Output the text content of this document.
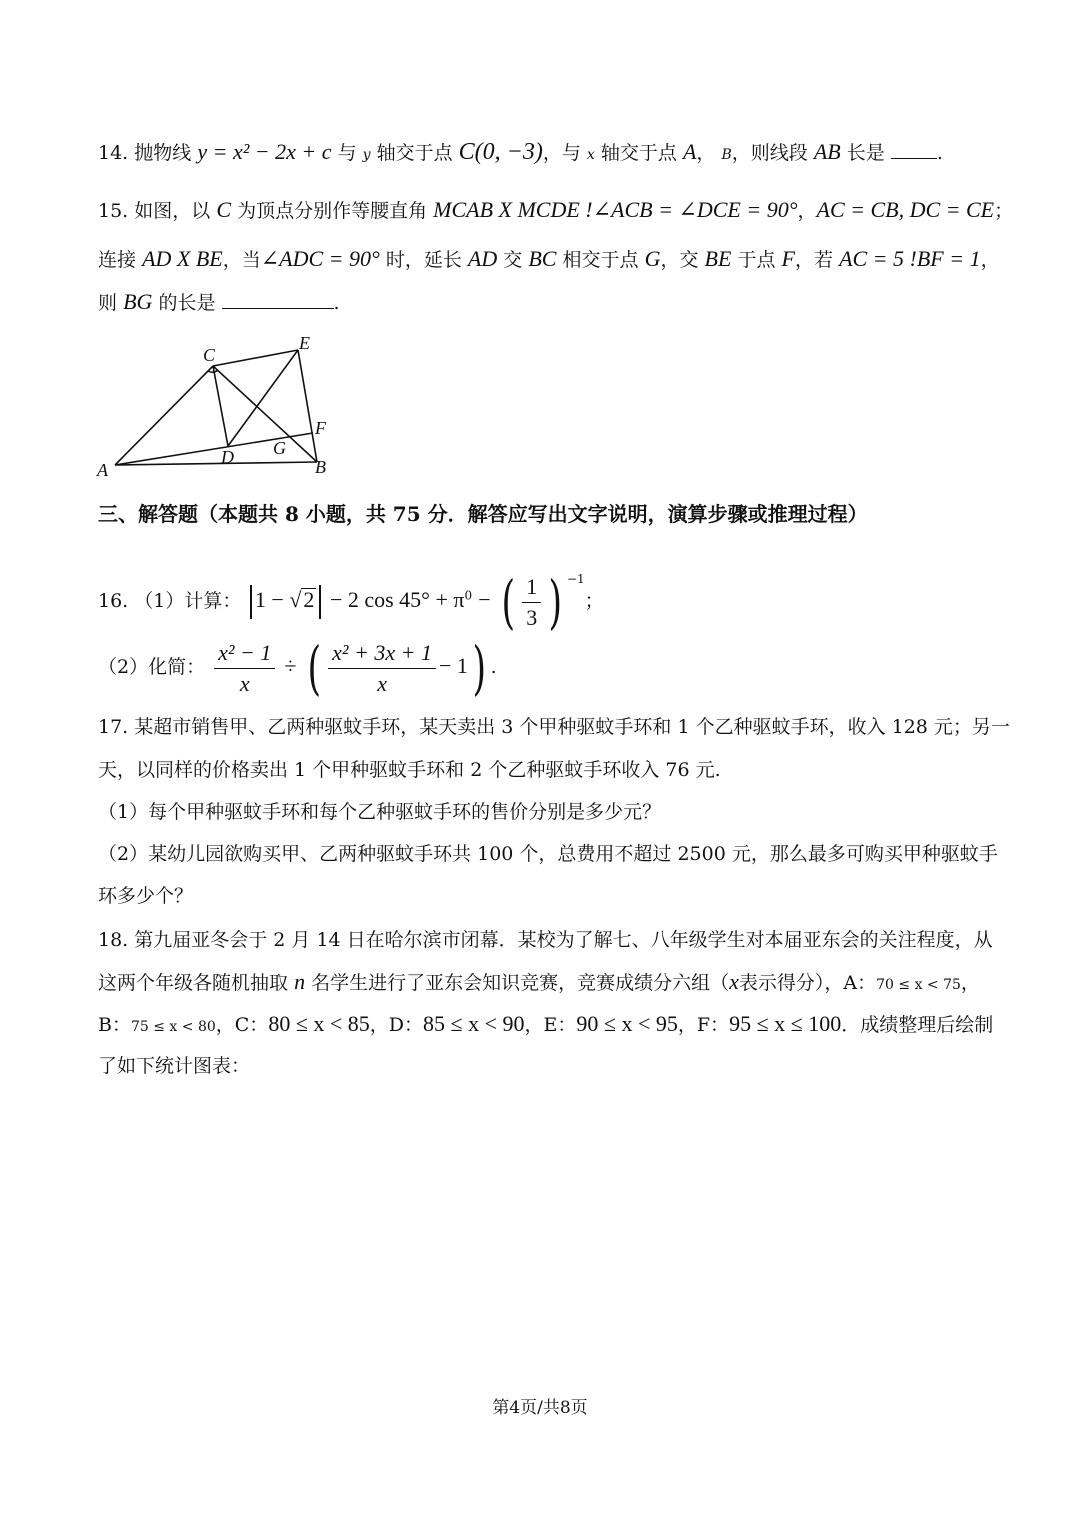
14. 抛物线 y = x² − 2x + c 与 y 轴交于点 C(0, −3)，与 x 轴交于点 A， B，则线段 AB 长是	.
15. 如图，以 C 为顶点分别作等腰直角 MCAB X MCDE !∠ACB = ∠DCE = 90°，AC = CB, DC = CE；
连接 AD X BE，当∠ADC = 90° 时，延长 AD 交 BC 相交于点 G，交 BE 于点 F，若 AC = 5 !BF = 1，
则 BG 的长是	.
C
E
F
G
D
A	B
三、解答题（本题共 8 小题，共 75 分．解答应写出文字说明，演算步骤或推理过程）
16. （1）计算： 1 − √2 − 2 $\cos 45^\circ + \pi^0$ − ( $\frac{1}{3}$ ) $^{-1}$；
（2）化简： $\frac{\text{x² − 1}}{x}$ ÷ ( $\frac{\text{x² + 3x + 1}}{x} - 1$) .
17. 某超市销售甲、乙两种驱蚊手环，某天卖出 3 个甲种驱蚊手环和 1 个乙种驱蚊手环，收入 128 元；另一
天，以同样的价格卖出 1 个甲种驱蚊手环和 2 个乙种驱蚊手环收入 76 元.
（1）每个甲种驱蚊手环和每个乙种驱蚊手环的售价分别是多少元？
（2）某幼儿园欲购买甲、乙两种驱蚊手环共 100 个，总费用不超过 2500 元，那么最多可购买甲种驱蚊手
环多少个？
18. 第九届亚冬会于 2 月 14 日在哈尔滨市闭幕．某校为了解七、八年级学生对本届亚东会的关注程度，从
这两个年级各随机抽取 n 名学生进行了亚东会知识竞赛，竞赛成绩分六组（x表示得分），A：70 ≤ x < 75，
B：75 ≤ x < 80，C：80 ≤ x < 85，D：85 ≤ x < 90，E：90 ≤ x < 95，F：95 ≤ x ≤ 100．成绩整理后绘制
了如下统计图表：
第4页/共8页
